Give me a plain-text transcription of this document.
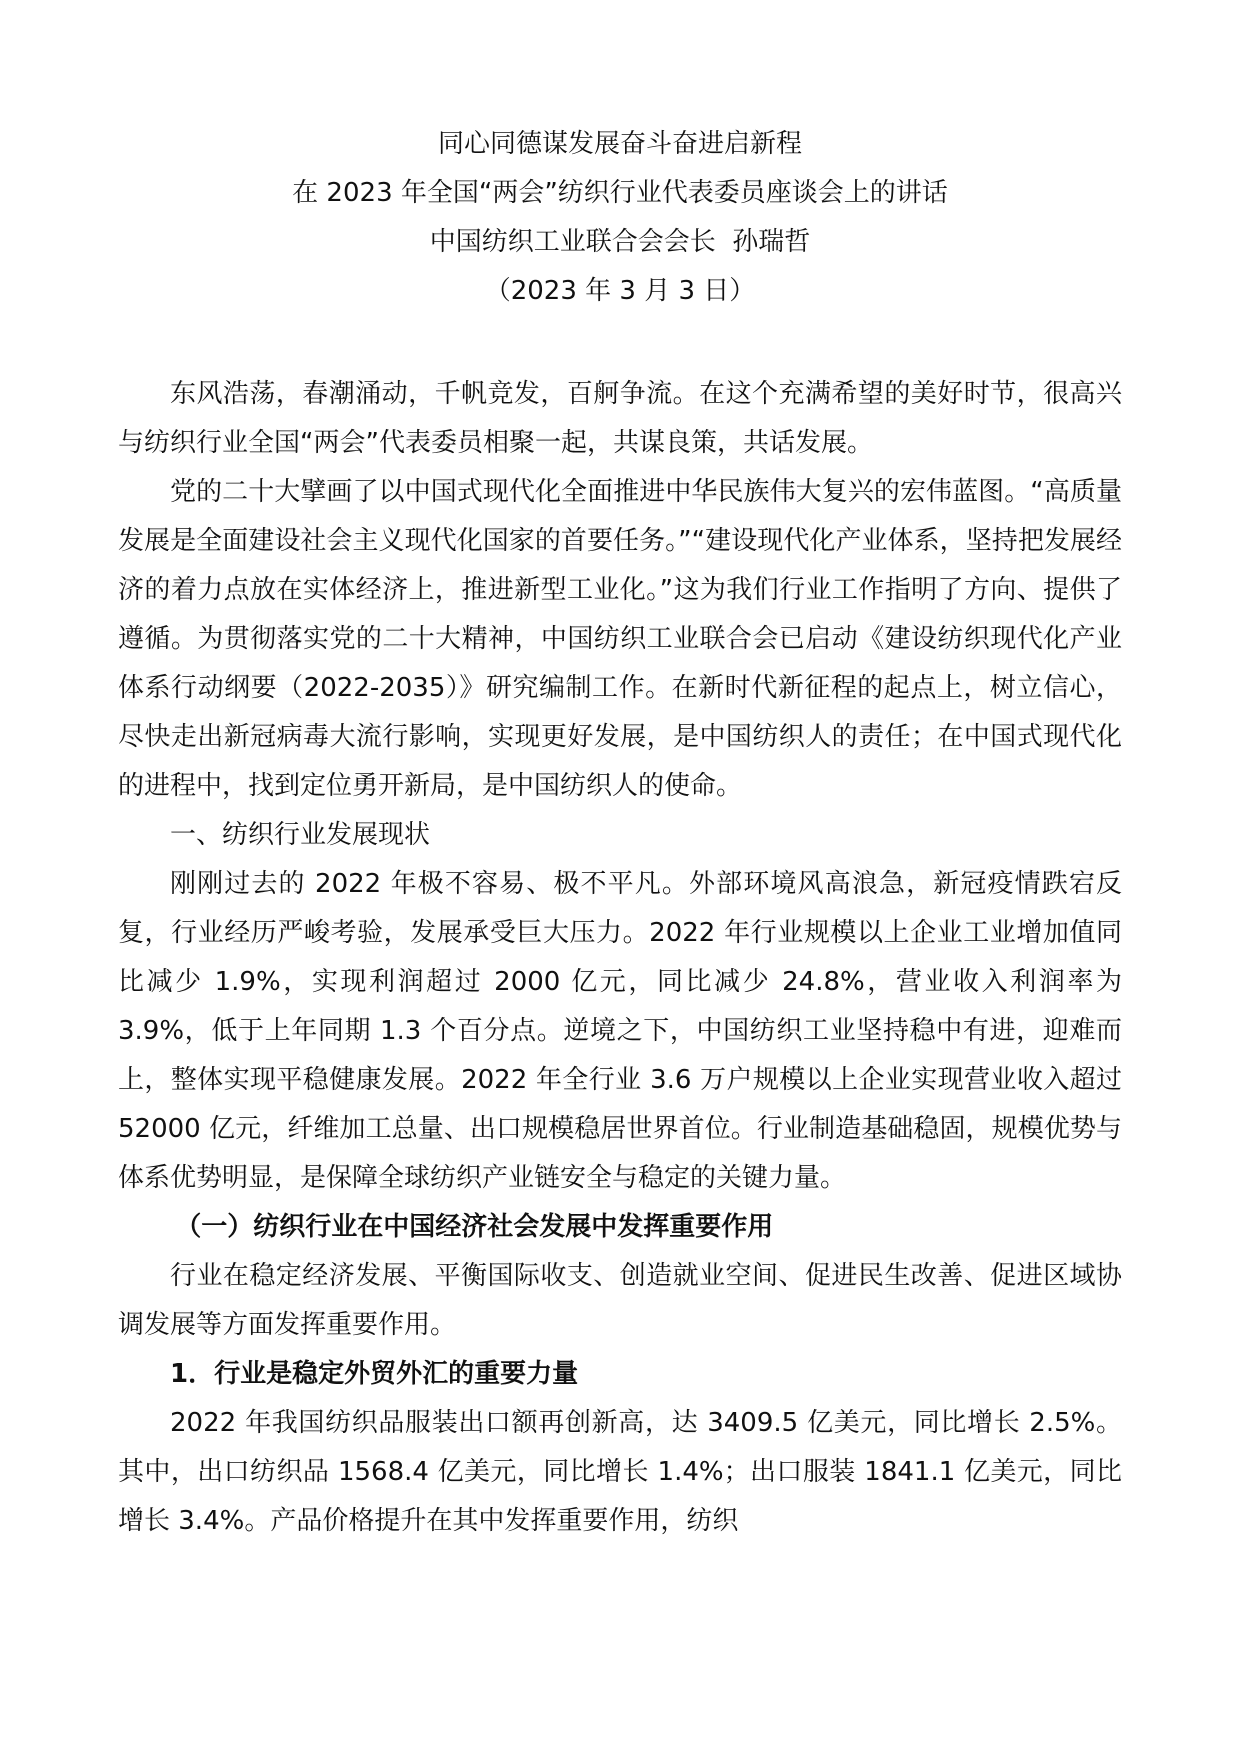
同心同德谋发展奋斗奋进启新程
在 2023 年全国“两会”纺织行业代表委员座谈会上的讲话
中国纺织工业联合会会长  孙瑞哲
（2023 年 3 月 3 日）

东风浩荡，春潮涌动，千帆竞发，百舸争流。在这个充满希望的美好时节，很高兴与纺织行业全国“两会”代表委员相聚一起，共谋良策，共话发展。

党的二十大擘画了以中国式现代化全面推进中华民族伟大复兴的宏伟蓝图。“高质量发展是全面建设社会主义现代化国家的首要任务。”“建设现代化产业体系，坚持把发展经济的着力点放在实体经济上，推进新型工业化。”这为我们行业工作指明了方向、提供了遵循。为贯彻落实党的二十大精神，中国纺织工业联合会已启动《建设纺织现代化产业体系行动纲要（2022-2035）》研究编制工作。在新时代新征程的起点上，树立信心，尽快走出新冠病毒大流行影响，实现更好发展，是中国纺织人的责任；在中国式现代化的进程中，找到定位勇开新局，是中国纺织人的使命。

一、纺织行业发展现状

刚刚过去的 2022 年极不容易、极不平凡。外部环境风高浪急，新冠疫情跌宕反复，行业经历严峻考验，发展承受巨大压力。2022 年行业规模以上企业工业增加值同比减少 1.9%，实现利润超过 2000 亿元，同比减少 24.8%，营业收入利润率为 3.9%，低于上年同期 1.3 个百分点。逆境之下，中国纺织工业坚持稳中有进，迎难而上，整体实现平稳健康发展。2022 年全行业 3.6 万户规模以上企业实现营业收入超过 52000 亿元，纤维加工总量、出口规模稳居世界首位。行业制造基础稳固，规模优势与体系优势明显，是保障全球纺织产业链安全与稳定的关键力量。

（一）纺织行业在中国经济社会发展中发挥重要作用

行业在稳定经济发展、平衡国际收支、创造就业空间、促进民生改善、促进区域协调发展等方面发挥重要作用。

1．行业是稳定外贸外汇的重要力量

2022 年我国纺织品服装出口额再创新高，达 3409.5 亿美元，同比增长 2.5%。其中，出口纺织品 1568.4 亿美元，同比增长 1.4%；出口服装 1841.1 亿美元，同比增长 3.4%。产品价格提升在其中发挥重要作用，纺织
